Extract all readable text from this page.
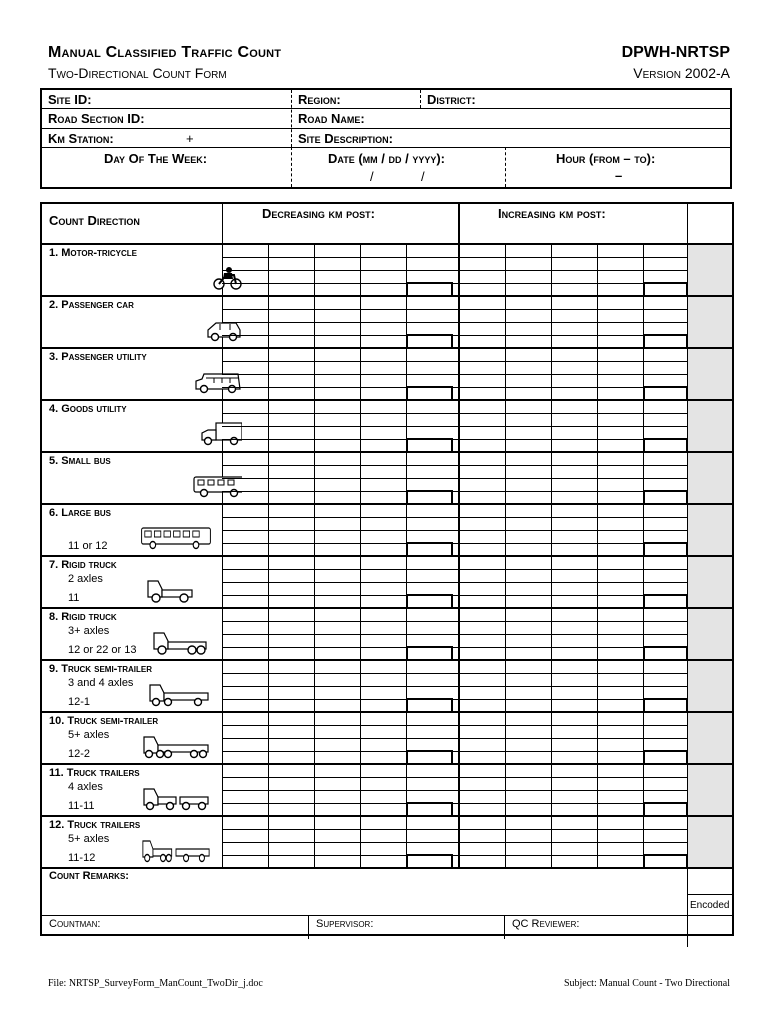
Manual Classified Traffic Count
Two-Directional Count Form
DPWH-NRTSP
Version 2002-A
Site ID:	Region:	District:
Road Section ID:	Road Name:
Km Station:	+	Site Description:
Day Of The Week:	Date (mm / dd / yyyy):
/	/
Hour (from – to):
–
Count Direction	Decreasing km post:	Increasing km post:
1. Motor-tricycle
2. Passenger car
3. Passenger utility
4. Goods utility
5. Small bus
6. Large bus
11 or 12
7. Rigid truck
2 axles
11
8. Rigid truck
3+ axles
12 or 22 or 13
9. Truck semi-trailer
3 and 4 axles
12-1
10. Truck semi-trailer
5+ axles
12-2
11. Truck trailers
4 axles
11-11
12. Truck trailers
5+ axles
11-12
Count Remarks:
Encoded
Countman:	Supervisor:	QC Reviewer:
File: NRTSP_SurveyForm_ManCount_TwoDir_j.doc	Subject: Manual Count - Two Directional
